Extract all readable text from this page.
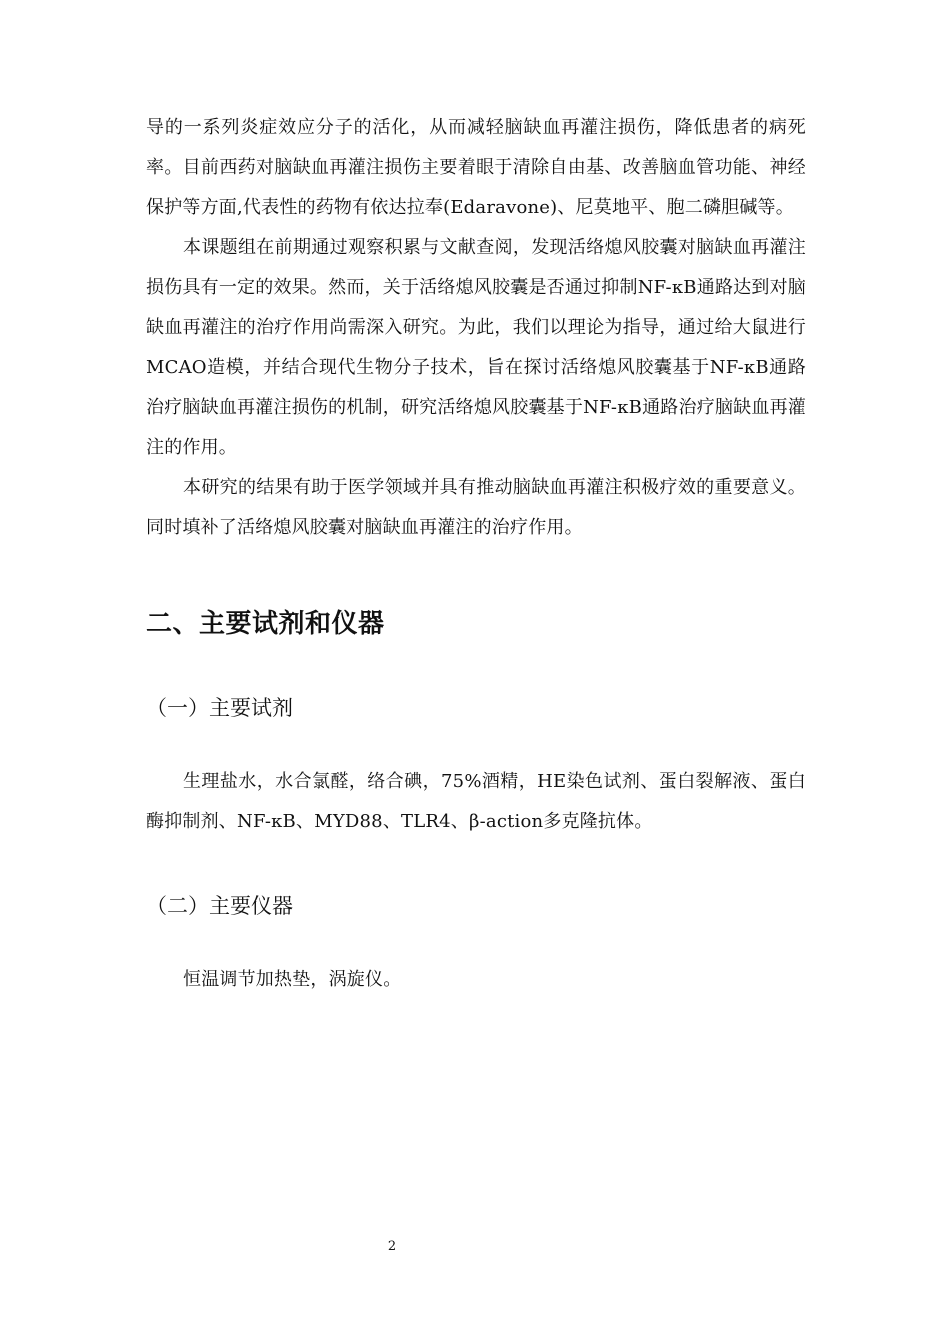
导的一系列炎症效应分子的活化，从而减轻脑缺血再灌注损伤，降低患者的病死率。目前西药对脑缺血再灌注损伤主要着眼于清除自由基、改善脑血管功能、神经保护等方面,代表性的药物有依达拉奉(Edaravone)、尼莫地平、胞二磷胆碱等。

本课题组在前期通过观察积累与文献查阅，发现活络熄风胶囊对脑缺血再灌注损伤具有一定的效果。然而，关于活络熄风胶囊是否通过抑制NF-κB通路达到对脑缺血再灌注的治疗作用尚需深入研究。为此，我们以理论为指导，通过给大鼠进行MCAO造模，并结合现代生物分子技术，旨在探讨活络熄风胶囊基于NF-κB通路治疗脑缺血再灌注损伤的机制，研究活络熄风胶囊基于NF-κB通路治疗脑缺血再灌注的作用。

本研究的结果有助于医学领域并具有推动脑缺血再灌注积极疗效的重要意义。同时填补了活络熄风胶囊对脑缺血再灌注的治疗作用。

二、主要试剂和仪器
（一）主要试剂

生理盐水，水合氯醛，络合碘，75%酒精，HE染色试剂、蛋白裂解液、蛋白酶抑制剂、NF-κB、MYD88、TLR4、β-action多克隆抗体。

（二）主要仪器

恒温调节加热垫，涡旋仪。

2
